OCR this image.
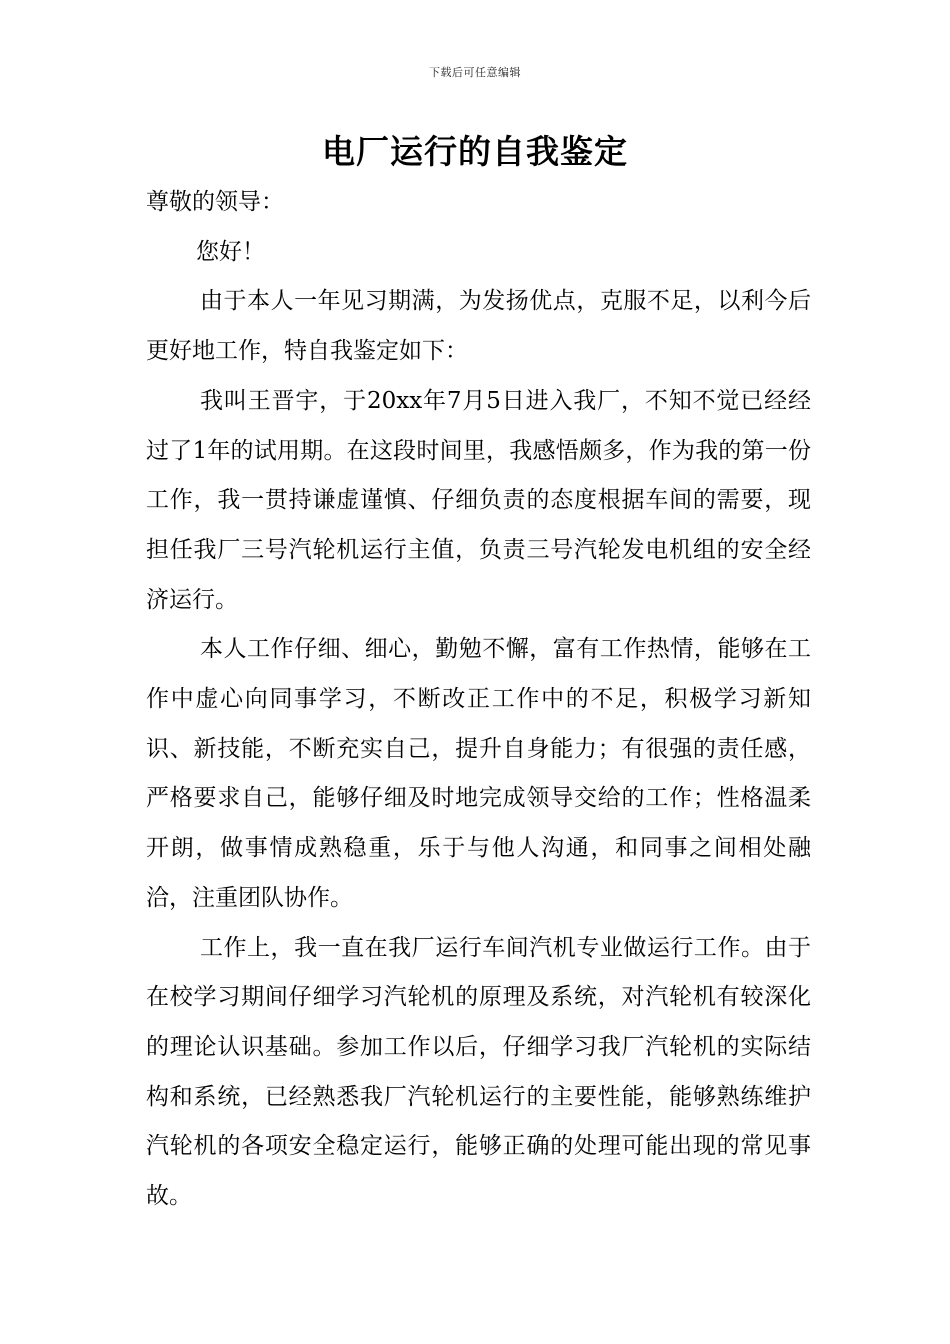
下载后可任意编辑
电厂运行的自我鉴定

尊敬的领导：

您好！

由于本人一年见习期满，为发扬优点，克服不足，以利今后更好地工作，特自我鉴定如下：

我叫王晋宇，于20xx年7月5日进入我厂，不知不觉已经经过了1年的试用期。在这段时间里，我感悟颇多，作为我的第一份工作，我一贯持谦虚谨慎、仔细负责的态度根据车间的需要，现担任我厂三号汽轮机运行主值，负责三号汽轮发电机组的安全经济运行。

本人工作仔细、细心，勤勉不懈，富有工作热情，能够在工作中虚心向同事学习，不断改正工作中的不足，积极学习新知识、新技能，不断充实自己，提升自身能力；有很强的责任感，严格要求自己，能够仔细及时地完成领导交给的工作；性格温柔开朗，做事情成熟稳重，乐于与他人沟通，和同事之间相处融洽，注重团队协作。

工作上，我一直在我厂运行车间汽机专业做运行工作。由于在校学习期间仔细学习汽轮机的原理及系统，对汽轮机有较深化的理论认识基础。参加工作以后，仔细学习我厂汽轮机的实际结构和系统，已经熟悉我厂汽轮机运行的主要性能，能够熟练维护汽轮机的各项安全稳定运行，能够正确的处理可能出现的常见事故。
